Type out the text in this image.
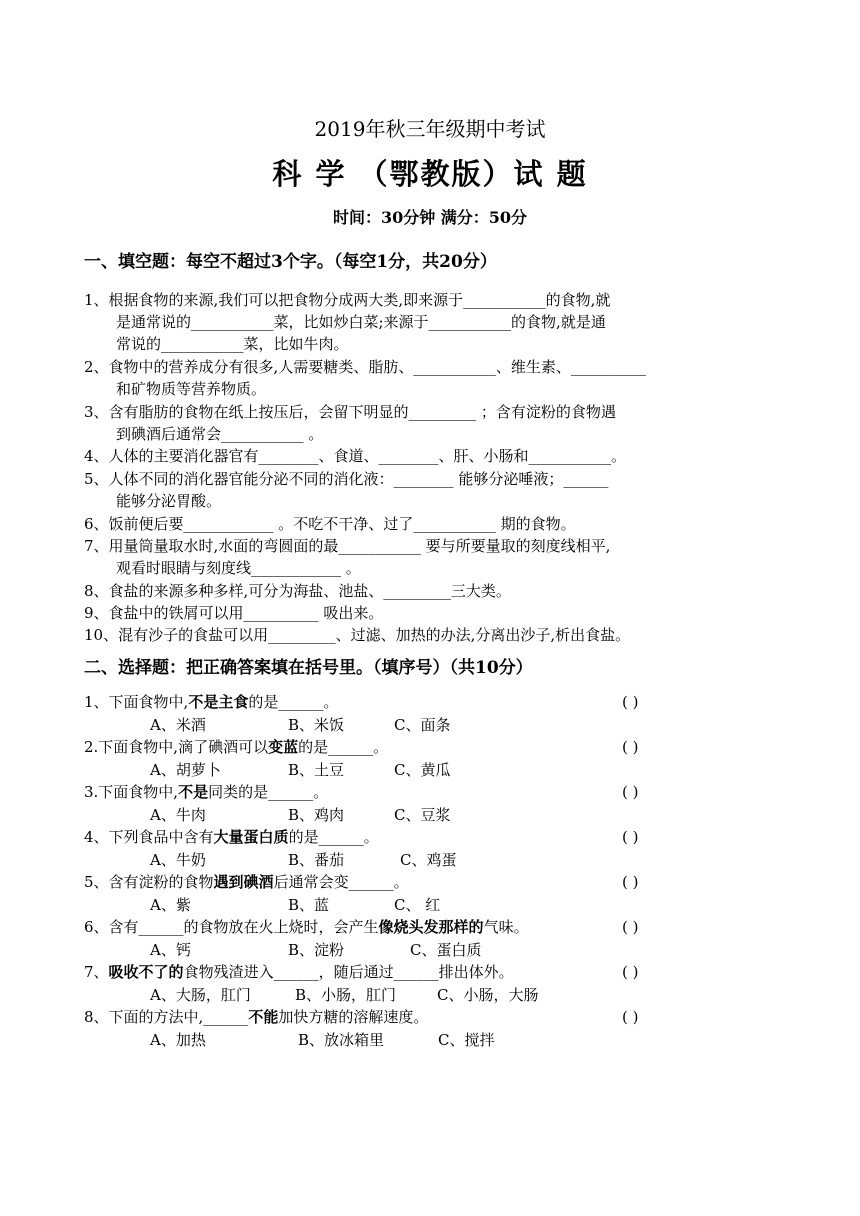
2019年秋三年级期中考试
科 学 （鄂教版）试 题
时间：30分钟 满分：50分
一、填空题：每空不超过3个字。（每空1分，共20分）
1、根据食物的来源,我们可以把食物分成两大类,即来源于___________的食物,就
是通常说的___________菜，比如炒白菜;来源于___________的食物,就是通
常说的___________菜，比如牛肉。
2、食物中的营养成分有很多,人需要糖类、脂肪、___________、维生素、__________
和矿物质等营养物质。
3、含有脂肪的食物在纸上按压后，会留下明显的_________ ；含有淀粉的食物遇
到碘酒后通常会___________ 。
4、人体的主要消化器官有________、食道、________、肝、小肠和___________。
5、人体不同的消化器官能分泌不同的消化液：________ 能够分泌唾液；______
能够分泌胃酸。
6、饭前便后要____________ 。不吃不干净、过了___________ 期的食物。
7、用量筒量取水时,水面的弯圆面的最___________ 要与所要量取的刻度线相平,
观看时眼睛与刻度线____________ 。
8、食盐的来源多种多样,可分为海盐、池盐、_________三大类。
9、食盐中的铁屑可以用__________ 吸出来。
10、混有沙子的食盐可以用_________、过滤、加热的办法,分离出沙子,析出食盐。
二、选择题：把正确答案填在括号里。（填序号）（共10分）
1、下面食物中,不是主食的是______。	( )
A、米酒	B、米饭	C、面条
2.下面食物中,滴了碘酒可以变蓝的是______。	( )
A、胡萝卜	B、土豆	C、黄瓜
3.下面食物中,不是同类的是______。	( )
A、牛肉	B、鸡肉	C、豆浆
4、下列食品中含有大量蛋白质的是______。	( )
A、牛奶	B、番茄	C、鸡蛋
5、含有淀粉的食物遇到碘酒后通常会变______。	( )
A、紫	B、蓝	C、 红
6、含有______的食物放在火上烧时，会产生像烧头发那样的气味。	( )
A、钙	B、淀粉	C、蛋白质
7、吸收不了的食物残渣进入______，随后通过______排出体外。	( )
A、大肠，肛门	B、小肠，肛门	C、小肠，大肠
8、下面的方法中,______不能加快方糖的溶解速度。	( )
A、加热	B、放冰箱里	C、搅拌
